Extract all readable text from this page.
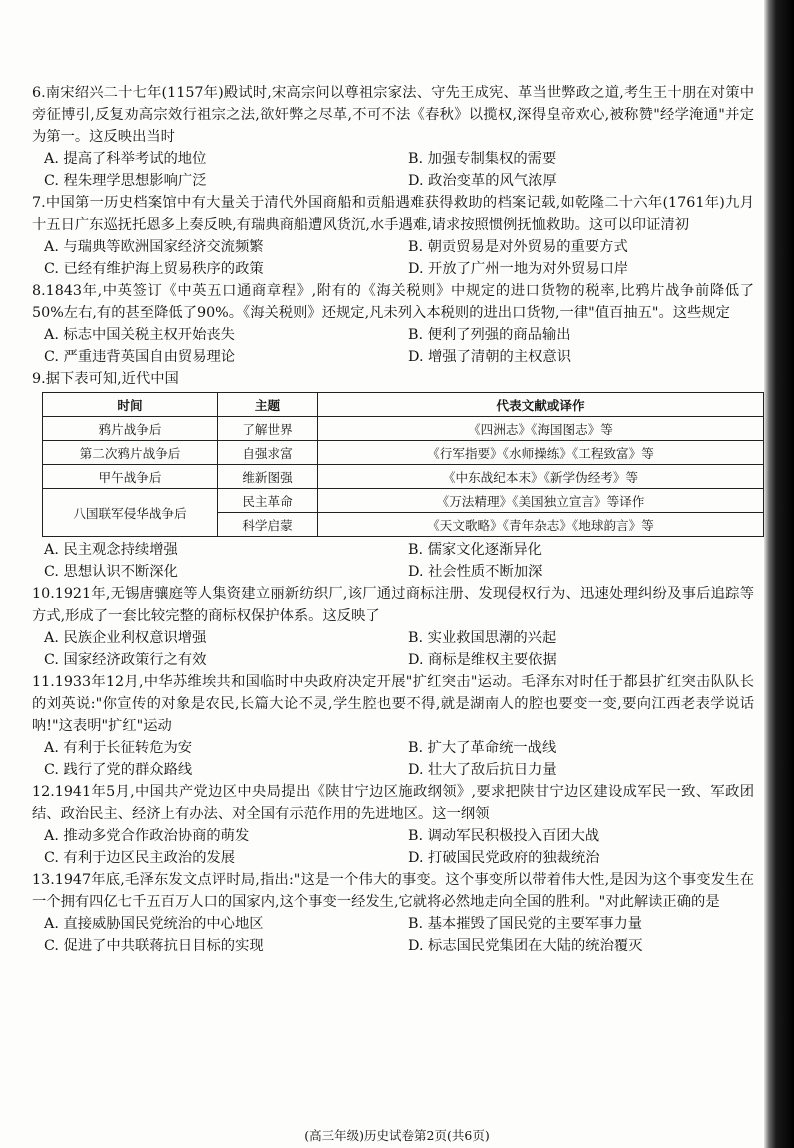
6.南宋绍兴二十七年(1157年)殿试时,宋高宗问以尊祖宗家法、守先王成宪、革当世弊政之道,考生王十朋在对策中旁征博引,反复劝高宗效行祖宗之法,欲奸弊之尽革,不可不法《春秋》以揽权,深得皇帝欢心,被称赞"经学淹通"并定为第一。这反映出当时

A. 提高了科举考试的地位	B. 加强专制集权的需要
C. 程朱理学思想影响广泛	D. 政治变革的风气浓厚

7.中国第一历史档案馆中有大量关于清代外国商船和贡船遇难获得救助的档案记载,如乾隆二十六年(1761年)九月十五日广东巡抚托恩多上奏反映,有瑞典商船遭风货沉,水手遇难,请求按照惯例抚恤救助。这可以印证清初

A. 与瑞典等欧洲国家经济交流频繁	B. 朝贡贸易是对外贸易的重要方式
C. 已经有维护海上贸易秩序的政策	D. 开放了广州一地为对外贸易口岸

8.1843年,中英签订《中英五口通商章程》,附有的《海关税则》中规定的进口货物的税率,比鸦片战争前降低了50%左右,有的甚至降低了90%。《海关税则》还规定,凡未列入本税则的进出口货物,一律"值百抽五"。这些规定

A. 标志中国关税主权开始丧失	B. 便利了列强的商品输出
C. 严重违背英国自由贸易理论	D. 增强了清朝的主权意识

9.据下表可知,近代中国

时间	主题	代表文献或译作
鸦片战争后	了解世界	《四洲志》《海国图志》等
第二次鸦片战争后	自强求富	《行军指要》《水师操练》《工程致富》等
甲午战争后	维新图强	《中东战纪本末》《新学伪经考》等
八国联军侵华战争后	民主革命	《万法精理》《美国独立宣言》等译作
	科学启蒙	《天文歌略》《青年杂志》《地球韵言》等
A. 民主观念持续增强	B. 儒家文化逐渐异化
C. 思想认识不断深化	D. 社会性质不断加深

10.1921年,无锡唐骧庭等人集资建立丽新纺织厂,该厂通过商标注册、发现侵权行为、迅速处理纠纷及事后追踪等方式,形成了一套比较完整的商标权保护体系。这反映了

A. 民族企业利权意识增强	B. 实业救国思潮的兴起
C. 国家经济政策行之有效	D. 商标是维权主要依据

11.1933年12月,中华苏维埃共和国临时中央政府决定开展"扩红突击"运动。毛泽东对时任于都县扩红突击队队长的刘英说:"你宣传的对象是农民,长篇大论不灵,学生腔也要不得,就是湖南人的腔也要变一变,要向江西老表学说话呐!"这表明"扩红"运动

A. 有利于长征转危为安	B. 扩大了革命统一战线
C. 践行了党的群众路线	D. 壮大了敌后抗日力量

12.1941年5月,中国共产党边区中央局提出《陕甘宁边区施政纲领》,要求把陕甘宁边区建设成军民一致、军政团结、政治民主、经济上有办法、对全国有示范作用的先进地区。这一纲领

A. 推动多党合作政治协商的萌发	B. 调动军民积极投入百团大战
C. 有利于边区民主政治的发展	D. 打破国民党政府的独裁统治

13.1947年底,毛泽东发文点评时局,指出:"这是一个伟大的事变。这个事变所以带着伟大性,是因为这个事变发生在一个拥有四亿七千五百万人口的国家内,这个事变一经发生,它就将必然地走向全国的胜利。"对此解读正确的是

A. 直接威胁国民党统治的中心地区	B. 基本摧毁了国民党的主要军事力量
C. 促进了中共联蒋抗日目标的实现	D. 标志国民党集团在大陆的统治覆灭
(高三年级)历史试卷第2页(共6页)
